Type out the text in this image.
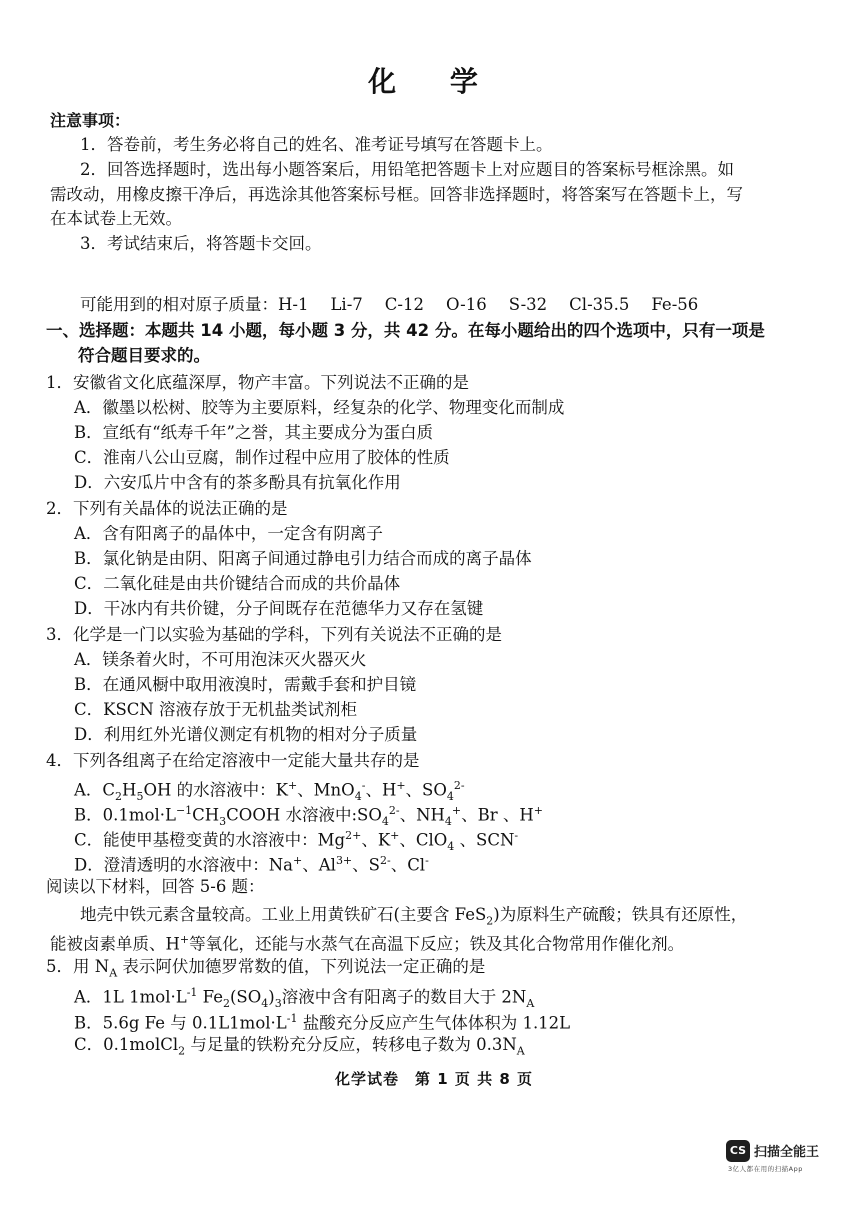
化 学
注意事项：
1．答卷前，考生务必将自己的姓名、准考证号填写在答题卡上。
2．回答选择题时，选出每小题答案后，用铅笔把答题卡上对应题目的答案标号框涂黑。如
需改动，用橡皮擦干净后，再选涂其他答案标号框。回答非选择题时，将答案写在答题卡上，写
在本试卷上无效。
3．考试结束后，将答题卡交回。
可能用到的相对原子质量：H-1 Li-7 C-12 O-16 S-32 Cl-35.5 Fe-56
一、选择题：本题共 14 小题，每小题 3 分，共 42 分。在每小题给出的四个选项中，只有一项是
符合题目要求的。
1．安徽省文化底蕴深厚，物产丰富。下列说法不正确的是
A．徽墨以松树、胶等为主要原料，经复杂的化学、物理变化而制成
B．宣纸有“纸寿千年”之誉，其主要成分为蛋白质
C．淮南八公山豆腐，制作过程中应用了胶体的性质
D．六安瓜片中含有的茶多酚具有抗氧化作用
2．下列有关晶体的说法正确的是
A．含有阳离子的晶体中，一定含有阴离子
B．氯化钠是由阴、阳离子间通过静电引力结合而成的离子晶体
C．二氧化硅是由共价键结合而成的共价晶体
D．干冰内有共价键，分子间既存在范德华力又存在氢键
3．化学是一门以实验为基础的学科，下列有关说法不正确的是
A．镁条着火时，不可用泡沫灭火器灭火
B．在通风橱中取用液溴时，需戴手套和护目镜
C．KSCN 溶液存放于无机盐类试剂柜
D．利用红外光谱仪测定有机物的相对分子质量
4．下列各组离子在给定溶液中一定能大量共存的是
A．$C_2H_5OH$ 的水溶液中：K+、MnO$_4$-、H+、$SO_4^{2-}$
B．$0.1mol\cdot L^{-1}CH_3COOH$ 水溶液中$:SO_4^{2-}$、$NH_4^+$、Br 、H+
C．能使甲基橙变黄的水溶液中：$Mg^{2+}$、K+、ClO$_4$ 、SCN-
D．澄清透明的水溶液中：Na+、$Al^{3+}$、$S^{2-}$、Cl-
阅读以下材料，回答 5-6 题：
地壳中铁元素含量较高。工业上用黄铁矿石(主要含 FeS$_2$)为原料生产硫酸；铁具有还原性，
能被卤素单质、H+等氧化，还能与水蒸气在高温下反应；铁及其化合物常用作催化剂。
5．用 $N_A$ 表示阿伏加德罗常数的值，下列说法一定正确的是
A．1L $1mol\cdot L^{-1}$ $Fe_2(SO_4)_3$溶液中含有阳离子的数目大于 $2N_A$
B．5.6g Fe 与 $0.1L1mol\cdot L^{-1}$ 盐酸充分反应产生气体体积为 1.12L
C．0.1molCl$_2$ 与足量的铁粉充分反应，转移电子数为 $0.3N_A$
化学试卷　第 1 页 共 8 页
CS 扫描全能王
3亿人都在用的扫描App
